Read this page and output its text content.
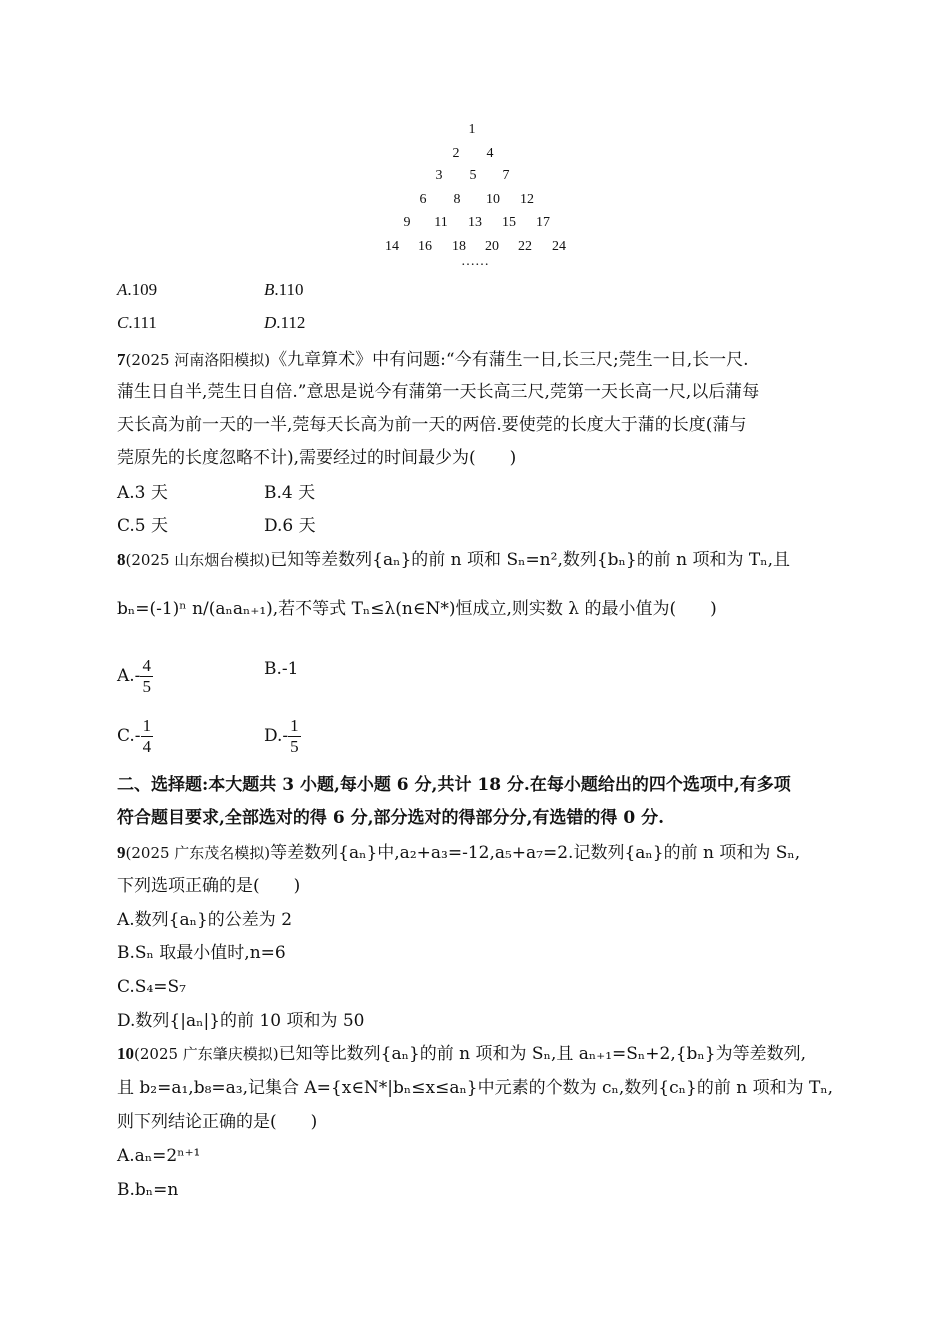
1
2 4
3 5 7
6 8 10 12
9 11 13 15 17
14 16 18 20 22 24
……
A.109	B.110
C.111	D.112
7(2025 河南洛阳模拟)《九章算术》中有问题:“今有蒲生一日,长三尺;莞生一日,长一尺.
蒲生日自半,莞生日自倍.”意思是说今有蒲第一天长高三尺,莞第一天长高一尺,以后蒲每
天长高为前一天的一半,莞每天长高为前一天的两倍.要使莞的长度大于蒲的长度(蒲与
莞原先的长度忽略不计),需要经过的时间最少为(　　)
A.3 天	B.4 天
C.5 天	D.6 天
8(2025 山东烟台模拟)已知等差数列{aₙ}的前 n 项和 Sₙ=n²,数列{bₙ}的前 n 项和为 Tₙ,且
bₙ=(-1)ⁿ n/(aₙaₙ₊₁),若不等式 Tₙ≤λ(n∈N*)恒成立,则实数 λ 的最小值为(　　)
$A.- \frac{4}{5}$	B.-1
$C.- \frac{1}{4}$	$D.- \frac{1}{5}$
二、选择题:本大题共 3 小题,每小题 6 分,共计 18 分.在每小题给出的四个选项中,有多项
符合题目要求,全部选对的得 6 分,部分选对的得部分分,有选错的得 0 分.
9(2025 广东茂名模拟)等差数列{aₙ}中,a₂+a₃=-12,a₅+a₇=2.记数列{aₙ}的前 n 项和为 Sₙ,
下列选项正确的是(　　)
A.数列{aₙ}的公差为 2
B.Sₙ 取最小值时,n=6
C.S₄=S₇
D.数列{|aₙ|}的前 10 项和为 50
10(2025 广东肇庆模拟)已知等比数列{aₙ}的前 n 项和为 Sₙ,且 aₙ₊₁=Sₙ+2,{bₙ}为等差数列,
且 b₂=a₁,b₈=a₃,记集合 A={x∈N*|bₙ≤x≤aₙ}中元素的个数为 cₙ,数列{cₙ}的前 n 项和为 Tₙ,
则下列结论正确的是(　　)
A.aₙ=2ⁿ⁺¹
B.bₙ=n
